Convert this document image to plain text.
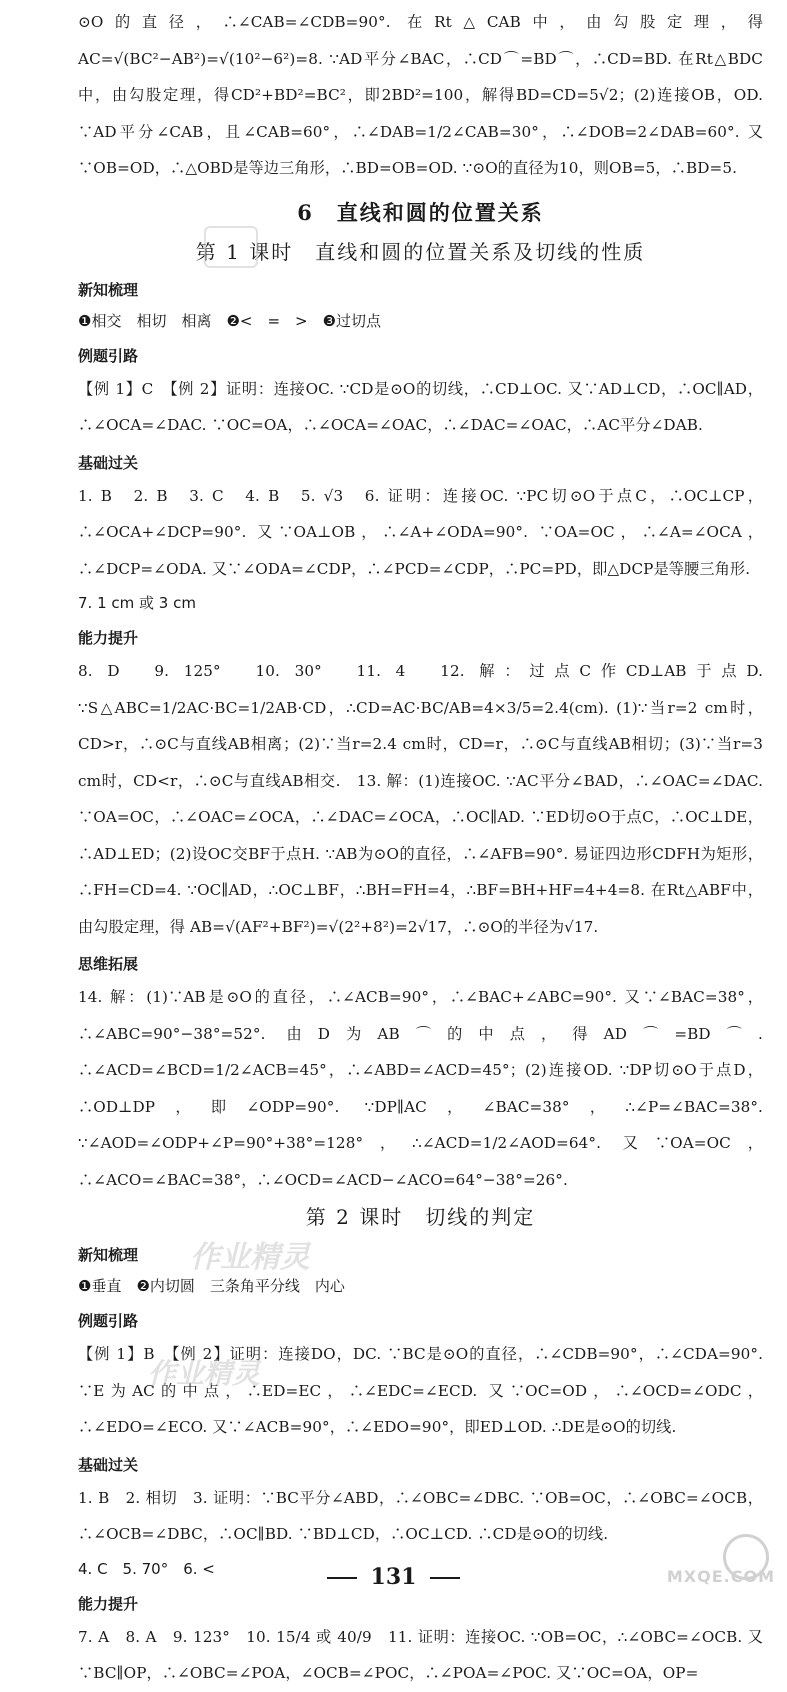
⊙O的直径，∴∠CAB=∠CDB=90°. 在Rt△CAB中，由勾股定理，得 AC=√(BC²−AB²)=√(10²−6²)=8. ∵AD平分∠BAC，∴CD⌒=BD⌒，∴CD=BD. 在Rt△BDC中，由勾股定理，得CD²+BD²=BC²，即2BD²=100，解得BD=CD=5√2；(2)连接OB，OD. ∵AD平分∠CAB，且∠CAB=60°，∴∠DAB=1/2∠CAB=30°，∴∠DOB=2∠DAB=60°. 又∵OB=OD，∴△OBD是等边三角形，∴BD=OB=OD. ∵⊙O的直径为10，则OB=5，∴BD=5.

6　直线和圆的位置关系
第 1 课时　直线和圆的位置关系及切线的性质
新知梳理

❶相交　相切　相离　❷<　=　>　❸过切点

例题引路

【例 1】C　【例 2】证明：连接OC. ∵CD是⊙O的切线，∴CD⊥OC. 又∵AD⊥CD，∴OC∥AD，∴∠OCA=∠DAC. ∵OC=OA，∴∠OCA=∠OAC，∴∠DAC=∠OAC，∴AC平分∠DAB.

基础过关

1. B　2. B　3. C　4. B　5. √3　6. 证明：连接OC. ∵PC切⊙O于点C，∴OC⊥CP，∴∠OCA+∠DCP=90°. 又∵OA⊥OB，∴∠A+∠ODA=90°. ∵OA=OC，∴∠A=∠OCA，∴∠DCP=∠ODA. 又∵∠ODA=∠CDP，∴∠PCD=∠CDP，∴PC=PD，即△DCP是等腰三角形.

7. 1 cm 或 3 cm

能力提升

8. D　9. 125°　10. 30°　11. 4　12. 解：过点C作CD⊥AB于点D. ∵S△ABC=1/2AC·BC=1/2AB·CD，∴CD=AC·BC/AB=4×3/5=2.4(cm). (1)∵当r=2 cm时，CD>r，∴⊙C与直线AB相离；(2)∵当r=2.4 cm时，CD=r，∴⊙C与直线AB相切；(3)∵当r=3 cm时，CD<r，∴⊙C与直线AB相交.　13. 解：(1)连接OC. ∵AC平分∠BAD，∴∠OAC=∠DAC. ∵OA=OC，∴∠OAC=∠OCA，∴∠DAC=∠OCA，∴OC∥AD. ∵ED切⊙O于点C，∴OC⊥DE，∴AD⊥ED；(2)设OC交BF于点H. ∵AB为⊙O的直径，∴∠AFB=90°. 易证四边形CDFH为矩形，∴FH=CD=4. ∵OC∥AD，∴OC⊥BF，∴BH=FH=4，∴BF=BH+HF=4+4=8. 在Rt△ABF中，由勾股定理，得 AB=√(AF²+BF²)=√(2²+8²)=2√17，∴⊙O的半径为√17.

思维拓展

14. 解：(1)∵AB是⊙O的直径，∴∠ACB=90°，∴∠BAC+∠ABC=90°. 又∵∠BAC=38°，∴∠ABC=90°−38°=52°. 由D为AB⌒的中点，得AD⌒=BD⌒. ∴∠ACD=∠BCD=1/2∠ACB=45°，∴∠ABD=∠ACD=45°；(2)连接OD. ∵DP切⊙O于点D，∴OD⊥DP，即∠ODP=90°. ∵DP∥AC，∠BAC=38°，∴∠P=∠BAC=38°. ∵∠AOD=∠ODP+∠P=90°+38°=128°，∴∠ACD=1/2∠AOD=64°. 又∵OA=OC，∴∠ACO=∠BAC=38°，∴∠OCD=∠ACD−∠ACO=64°−38°=26°.

第 2 课时　切线的判定
新知梳理

❶垂直　❷内切圆　三条角平分线　内心

例题引路

【例 1】B　【例 2】证明：连接DO，DC. ∵BC是⊙O的直径，∴∠CDB=90°，∴∠CDA=90°. ∵E为AC的中点，∴ED=EC，∴∠EDC=∠ECD. 又∵OC=OD，∴∠OCD=∠ODC，∴∠EDO=∠ECO. 又∵∠ACB=90°，∴∠EDO=90°，即ED⊥OD. ∴DE是⊙O的切线.

基础过关

1. B　2. 相切　3. 证明：∵BC平分∠ABD，∴∠OBC=∠DBC. ∵OB=OC，∴∠OBC=∠OCB，∴∠OCB=∠DBC，∴OC∥BD. ∵BD⊥CD，∴OC⊥CD. ∴CD是⊙O的切线.

4. C　5. 70°　6. <

能力提升

7. A　8. A　9. 123°　10. 15/4 或 40/9　11. 证明：连接OC. ∵OB=OC，∴∠OBC=∠OCB. 又∵BC∥OP，∴∠OBC=∠POA，∠OCB=∠POC，∴∠POA=∠POC. 又∵OC=OA，OP=

作业精灵
作业精灵
131	MXQE.COM
